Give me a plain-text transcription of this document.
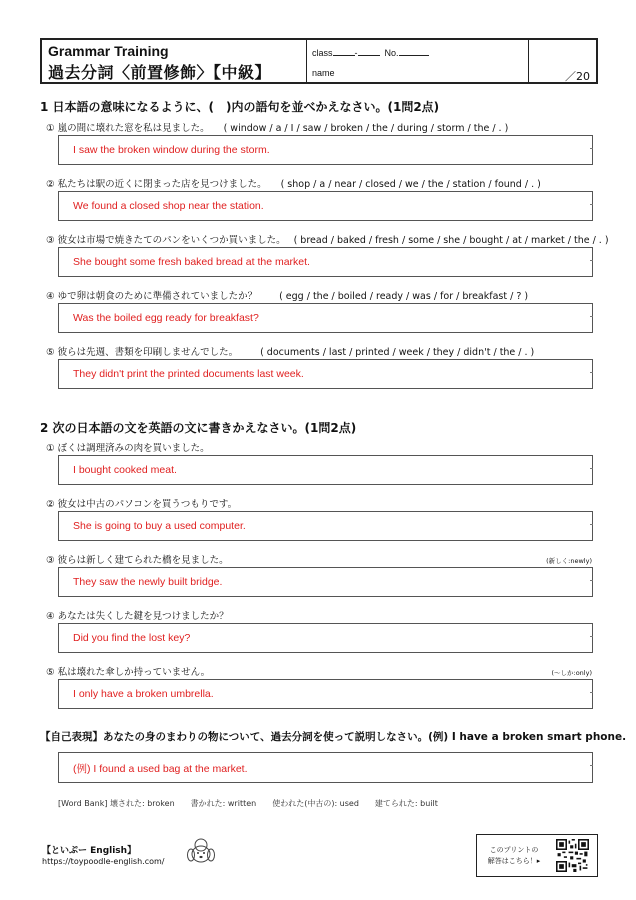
Grammar Training
過去分詞〈前置修飾〉【中級】
class -	No.
name	／20
1 日本語の意味になるように、(　)内の語句を並べかえなさい。(1問2点)
① 嵐の間に壊れた窓を私は見ました。 ( window / a / I / saw / broken / the / during / storm / the / . )
I saw the broken window during the storm.
② 私たちは駅の近くに閉まった店を見つけました。 ( shop / a / near / closed / we / the / station / found / . )
We found a closed shop near the station.
③ 彼女は市場で焼きたてのパンをいくつか買いました。 ( bread / baked / fresh / some / she / bought / at / market / the / . )
She bought some fresh baked bread at the market.
④ ゆで卵は朝食のために準備されていましたか？ ( egg / the / boiled / ready / was / for / breakfast / ? )
Was the boiled egg ready for breakfast?
⑤ 彼らは先週、書類を印刷しませんでした。 ( documents / last / printed / week / they / didn't / the / . )
They didn't print the printed documents last week.
2 次の日本語の文を英語の文に書きかえなさい。(1問2点)
① ぼくは調理済みの肉を買いました。
I bought cooked meat.
② 彼女は中古のパソコンを買うつもりです。
She is going to buy a used computer.
③ 彼らは新しく建てられた橋を見ました。	(新しく:newly)
They saw the newly built bridge.
④ あなたは失くした鍵を見つけましたか？
Did you find the lost key?
⑤ 私は壊れた傘しか持っていません。	(～しか:only)
I only have a broken umbrella.
【自己表現】あなたの身のまわりの物について、過去分詞を使って説明しなさい。(例) I have a broken smart phone.
(例) I found a used bag at the market.
[Word Bank] 壊された: broken　　書かれた: written　　使われた(中古の): used　　建てられた: built
【といぷー English】
https://toypoodle-english.com/
このプリントの
解答はこちら！▸
